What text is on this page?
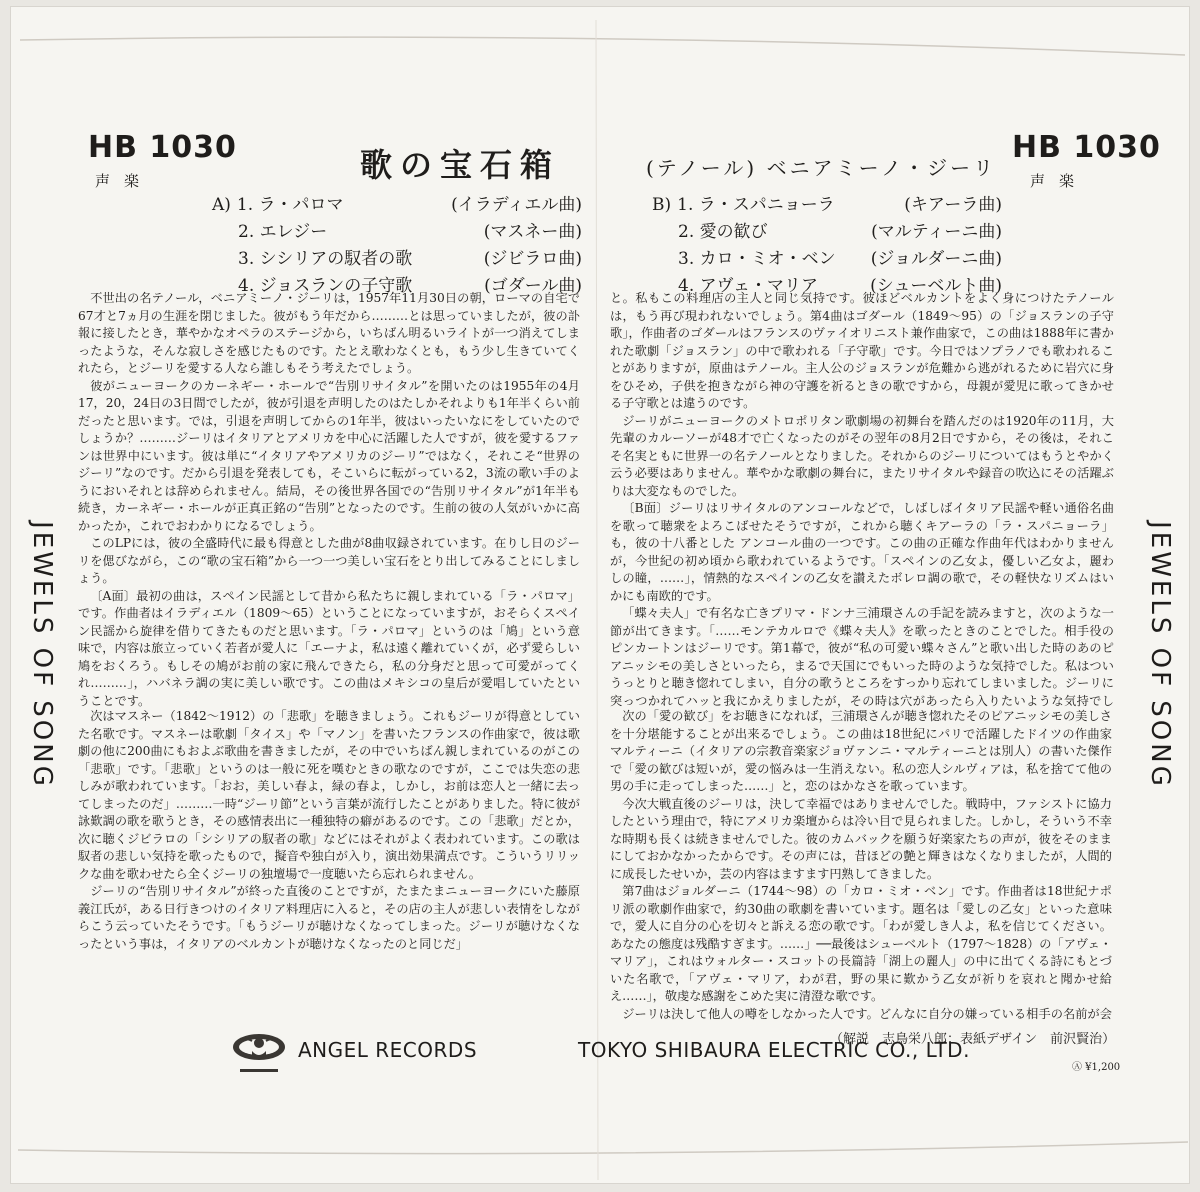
HB 1030
声楽
HB 1030
声楽
歌の宝石箱	(テノール) ベニアミーノ・ジーリ
A) 1. ラ・パロマ	(イラディエル曲)
2. エレジー	(マスネー曲)
3. シシリアの馭者の歌	(ジビラロ曲)
4. ジョスランの子守歌	(ゴダール曲)
B) 1. ラ・スパニョーラ	(キアーラ曲)
2. 愛の歓び	(マルティーニ曲)
3. カロ・ミオ・ベン (ジョルダーニ曲)
4. アヴェ・マリア	(シューベルト曲)
JEWELS OF SONG	JEWELS OF SONG

不世出の名テノール，ベニアミーノ・ジーリは，1957年11月30日の朝，ローマの自宅で67才と7ヵ月の生涯を閉じました。彼がもう年だから………とは思っていましたが，彼の訃報に接したとき，華やかなオペラのステージから，いちばん明るいライトが一つ消えてしまったような，そんな寂しさを感じたものです。たとえ歌わなくとも，もう少し生きていてくれたら，とジーリを愛する人なら誰しもそう考えたでしょう。

彼がニューヨークのカーネギー・ホールで“告別リサイタル”を開いたのは1955年の4月17，20，24日の3日間でしたが，彼が引退を声明したのはたしかそれよりも1年半くらい前だったと思います。では，引退を声明してからの1年半，彼はいったいなにをしていたのでしょうか？………ジーリはイタリアとアメリカを中心に活躍した人ですが，彼を愛するファンは世界中にいます。彼は単に“イタリアやアメリカのジーリ”ではなく，それこそ“世界のジーリ”なのです。だから引退を発表しても，そこいらに転がっている2，3流の歌い手のようにおいそれとは辞められません。結局，その後世界各国での“告別リサイタル”が1年半も続き，カーネギー・ホールが正真正銘の“告別”となったのです。生前の彼の人気がいかに高かったか，これでおわかりになるでしょう。

このLPには，彼の全盛時代に最も得意とした曲が8曲収録されています。在りし日のジーリを偲びながら，この“歌の宝石箱”から一つ一つ美しい宝石をとり出してみることにしましょう。

〔A面〕最初の曲は，スペイン民謡として昔から私たちに親しまれている「ラ・パロマ」です。作曲者はイラディエル（1809〜65）ということになっていますが，おそらくスペイン民謡から旋律を借りてきたものだと思います。「ラ・パロマ」というのは「鳩」という意味で，内容は旅立っていく若者が愛人に「エーナよ，私は遠く離れていくが，必ず愛らしい鳩をおくろう。もしその鳩がお前の家に飛んできたら，私の分身だと思って可愛がってくれ………」，ハバネラ調の実に美しい歌です。この曲はメキシコの皇后が愛唱していたということです。

次はマスネー（1842〜1912）の「悲歌」を聴きましょう。これもジーリが得意としていた名歌です。マスネーは歌劇「タイス」や「マノン」を書いたフランスの作曲家で，彼は歌劇の他に200曲にもおよぶ歌曲を書きましたが，その中でいちばん親しまれているのがこの「悲歌」です。「悲歌」というのは一般に死を嘆むときの歌なのですが，ここでは失恋の悲しみが歌われています。「おお，美しい春よ，緑の春よ，しかし，お前は恋人と一緒に去ってしまったのだ」………一時“ジーリ節”という言葉が流行したことがありました。特に彼が詠歎調の歌を歌うとき，その感情表出に一種独特の癖があるのです。この「悲歌」だとか，次に聴くジビラロの「シシリアの馭者の歌」などにはそれがよく表われています。この歌は馭者の悲しい気持を歌ったもので，擬音や独白が入り，演出効果満点です。こういうリリックな曲を歌わせたら全くジーリの独壇場で一度聴いたら忘れられません。

ジーリの“告別リサイタル”が終った直後のことですが，たまたまニューヨークにいた藤原義江氏が，ある日行きつけのイタリア料理店に入ると，その店の主人が悲しい表情をしながらこう云っていたそうです。「もうジーリが聴けなくなってしまった。ジーリが聴けなくなったという事は，イタリアのベルカントが聴けなくなったのと同じだ」

と。私もこの料理店の主人と同じ気持です。彼ほどベルカントをよく身につけたテノールは，もう再び現われないでしょう。第4曲はゴダール（1849〜95）の「ジョスランの子守歌」，作曲者のゴダールはフランスのヴァイオリニスト兼作曲家で，この曲は1888年に書かれた歌劇「ジョスラン」の中で歌われる「子守歌」です。今日ではソプラノでも歌われることがありますが，原曲はテノール。主人公のジョスランが危難から逃がれるために岩穴に身をひそめ，子供を抱きながら神の守護を祈るときの歌ですから，母親が愛児に歌ってきかせる子守歌とは違うのです。

ジーリがニューヨークのメトロポリタン歌劇場の初舞台を踏んだのは1920年の11月，大先輩のカルーソーが48才で亡くなったのがその翌年の8月2日ですから，その後は，それこそ名実ともに世界一の名テノールとなりました。それからのジーリについてはもうとやかく云う必要はありません。華やかな歌劇の舞台に，またリサイタルや録音の吹込にその活躍ぶりは大変なものでした。

〔B面〕ジーリはリサイタルのアンコールなどで，しばしばイタリア民謡や軽い通俗名曲を歌って聴衆をよろこばせたそうですが，これから聴くキアーラの「ラ・スパニョーラ」も，彼の十八番とした アンコール曲の一つです。この曲の正確な作曲年代はわかりませんが，今世紀の初め頃から歌われているようです。「スペインの乙女よ，優しい乙女よ，麗わしの瞳，……」，情熱的なスペインの乙女を讃えたボレロ調の歌で，その軽快なリズムはいかにも南欧的です。

「蝶々夫人」で有名な亡きプリマ・ドンナ三浦環さんの手記を読みますと，次のような一節が出てきます。「……モンテカルロで《蝶々夫人》を歌ったときのことでした。相手役のピンカートンはジーリです。第1幕で，彼が“私の可愛い蝶々さん”と歌い出した時のあのピアニッシモの美しさといったら，まるで天国にでもいった時のような気持でした。私はついうっとりと聴き惚れてしまい，自分の歌うところをすっかり忘れてしまいました。ジーリに突っつかれてハッと我にかえりましたが，その時は穴があったら入りたいような気持でし

次の「愛の歓び」をお聴きになれば，三浦環さんが聴き惚れたそのピアニッシモの美しさを十分堪能することが出来るでしょう。この曲は18世紀にパリで活躍したドイツの作曲家マルティーニ（イタリアの宗教音楽家ジョヴァンニ・マルティーニとは別人）の書いた傑作で「愛の歓びは短いが，愛の悩みは一生消えない。私の恋人シルヴィアは，私を捨てて他の男の手に走ってしまった……」と，恋のはかなさを歌っています。

今次大戦直後のジーリは，決して幸福ではありませんでした。戦時中，ファシストに協力したという理由で，特にアメリカ楽壇からは冷い目で見られました。しかし，そういう不幸な時期も長くは続きませんでした。彼のカムバックを願う好楽家たちの声が，彼をそのままにしておかなかったからです。その声には，昔ほどの艶と輝きはなくなりましたが，人間的に成長したせいか，芸の内容はますます円熟してきました。

第7曲はジョルダーニ（1744〜98）の「カロ・ミオ・ベン」です。作曲者は18世紀ナポリ派の歌劇作曲家で，約30曲の歌劇を書いています。題名は「愛しの乙女」といった意味で，愛人に自分の心を切々と訴える恋の歌です。「わが愛しき人よ，私を信じてください。あなたの態度は残酷すぎます。……」──最後はシューベルト（1797〜1828）の「アヴェ・マリア」，これはウォルター・スコットの長篇詩「湖上の麗人」の中に出てくる詩にもとづいた名歌で，「アヴェ・マリア，わが君，野の果に歎かう乙女が祈りを哀れと聞かせ給え……」，敬虔な感謝をこめた実に清澄な歌です。

ジーリは決して他人の噂をしなかった人です。どんなに自分の嫌っている相手の名前が会

（解説　志鳥栄八郎：表紙デザイン　前沢賢治）
ANGEL RECORDS	TOKYO SHIBAURA ELECTRIC CO., LTD.
Ⓐ ¥1,200
